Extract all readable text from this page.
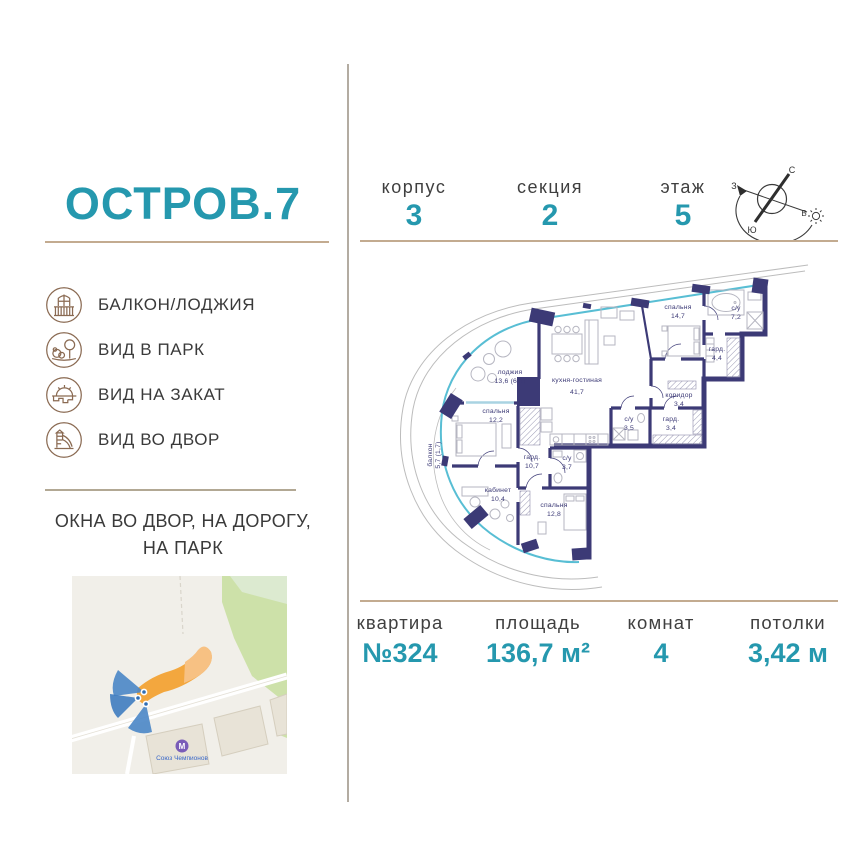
ОСТРОВ.7
БАЛКОН/ЛОДЖИЯ
ВИД В ПАРК
ВИД НА ЗАКАТ
ВИД ВО ДВОР
ОКНА ВО ДВОР, НА ДОРОГУ,
НА ПАРК
М
Союз Чемпионов
корпус
3
секция
2
этаж
5
С
З
В
Ю
лоджия
13,6 (6,8)	кухня-гостиная
41,7
спальня
14,7
с/у
7,2
гард.
4,4
коридор
3,4
гард.
3,4
с/у
3,5
спальня
12,2
балкон 5,7 (1,7)	гард.
10,7
с/у
3,7
кабинет
10,4
спальня
12,8
квартира
№324
площадь
136,7 м²
комнат
4
потолки
3,42 м
